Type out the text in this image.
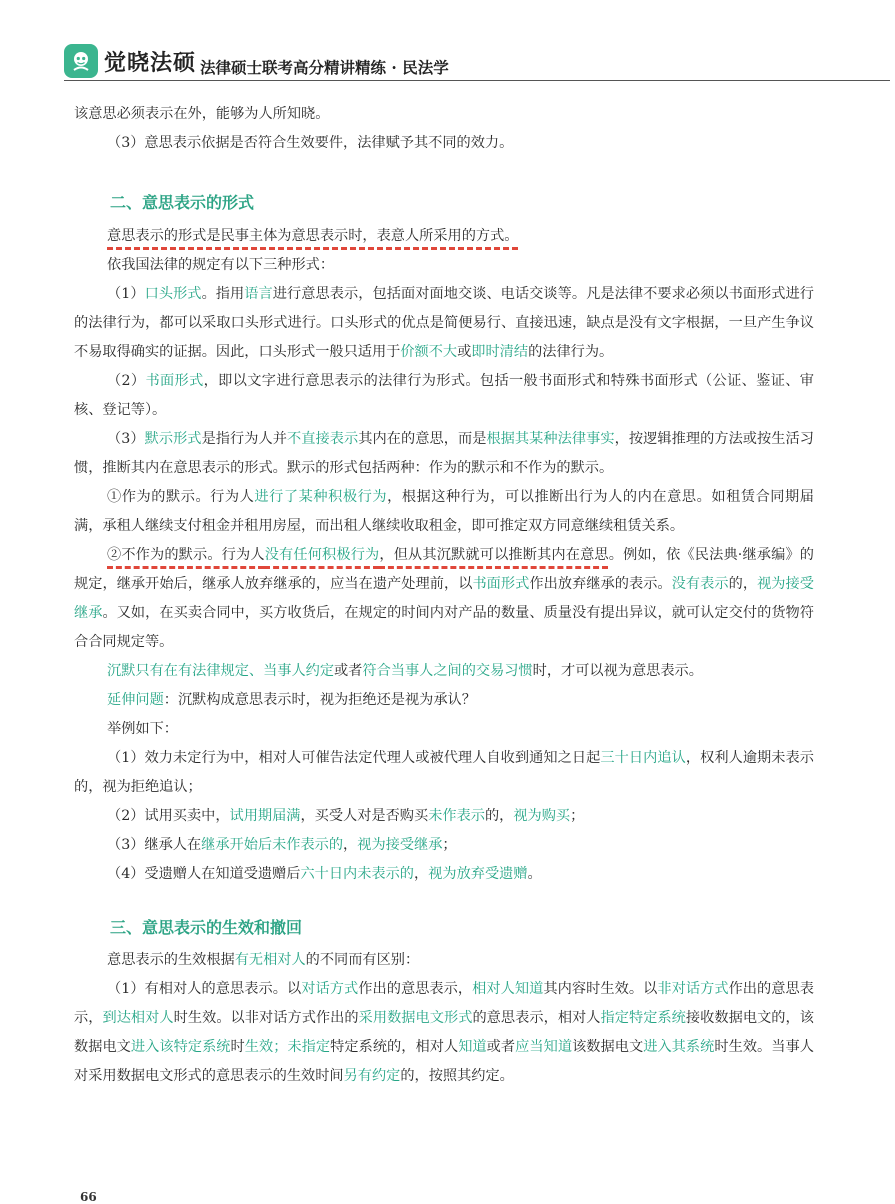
觉晓法硕 法律硕士联考高分精讲精练 · 民法学

该意思必须表示在外，能够为人所知晓。

（3）意思表示依据是否符合生效要件，法律赋予其不同的效力。

二、意思表示的形式

意思表示的形式是民事主体为意思表示时，表意人所采用的方式。

依我国法律的规定有以下三种形式：

（1）口头形式。指用语言进行意思表示，包括面对面地交谈、电话交谈等。凡是法律不要求必须以书面形式进行的法律行为，都可以采取口头形式进行。口头形式的优点是简便易行、直接迅速，缺点是没有文字根据，一旦产生争议不易取得确实的证据。因此，口头形式一般只适用于价额不大或即时清结的法律行为。

（2）书面形式，即以文字进行意思表示的法律行为形式。包括一般书面形式和特殊书面形式（公证、鉴证、审核、登记等）。

（3）默示形式是指行为人并不直接表示其内在的意思，而是根据其某种法律事实，按逻辑推理的方法或按生活习惯，推断其内在意思表示的形式。默示的形式包括两种：作为的默示和不作为的默示。

①作为的默示。行为人进行了某种积极行为，根据这种行为，可以推断出行为人的内在意思。如租赁合同期届满，承租人继续支付租金并租用房屋，而出租人继续收取租金，即可推定双方同意继续租赁关系。

②不作为的默示。行为人没有任何积极行为，但从其沉默就可以推断其内在意思。例如，依《民法典·继承编》的规定，继承开始后，继承人放弃继承的，应当在遗产处理前，以书面形式作出放弃继承的表示。没有表示的，视为接受继承。又如，在买卖合同中，买方收货后，在规定的时间内对产品的数量、质量没有提出异议，就可认定交付的货物符合合同规定等。

沉默只有在有法律规定、当事人约定或者符合当事人之间的交易习惯时，才可以视为意思表示。

延伸问题：沉默构成意思表示时，视为拒绝还是视为承认？

举例如下：

（1）效力未定行为中，相对人可催告法定代理人或被代理人自收到通知之日起三十日内追认，权利人逾期未表示的，视为拒绝追认；

（2）试用买卖中，试用期届满，买受人对是否购买未作表示的，视为购买；

（3）继承人在继承开始后未作表示的，视为接受继承；

（4）受遗赠人在知道受遗赠后六十日内未表示的，视为放弃受遗赠。

三、意思表示的生效和撤回

意思表示的生效根据有无相对人的不同而有区别：

（1）有相对人的意思表示。以对话方式作出的意思表示，相对人知道其内容时生效。以非对话方式作出的意思表示，到达相对人时生效。以非对话方式作出的采用数据电文形式的意思表示，相对人指定特定系统接收数据电文的，该数据电文进入该特定系统时生效；未指定特定系统的，相对人知道或者应当知道该数据电文进入其系统时生效。当事人对采用数据电文形式的意思表示的生效时间另有约定的，按照其约定。

66
